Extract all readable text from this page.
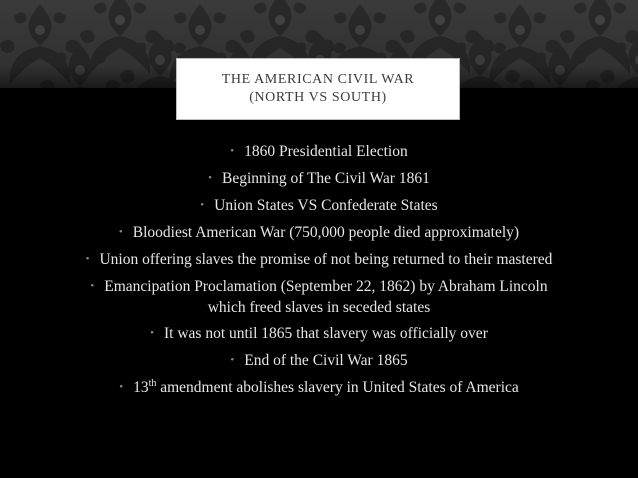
THE AMERICAN CIVIL WAR
(NORTH VS SOUTH)
• 1860 Presidential Election
• Beginning of The Civil War 1861
• Union States VS Confederate States
• Bloodiest American War (750,000 people died approximately)
• Union offering slaves the promise of not being returned to their mastered
• Emancipation Proclamation (September 22, 1862) by Abraham Lincoln
which freed slaves in seceded states
• It was not until 1865 that slavery was officially over
• End of the Civil War 1865
• 13th amendment abolishes slavery in United States of America
